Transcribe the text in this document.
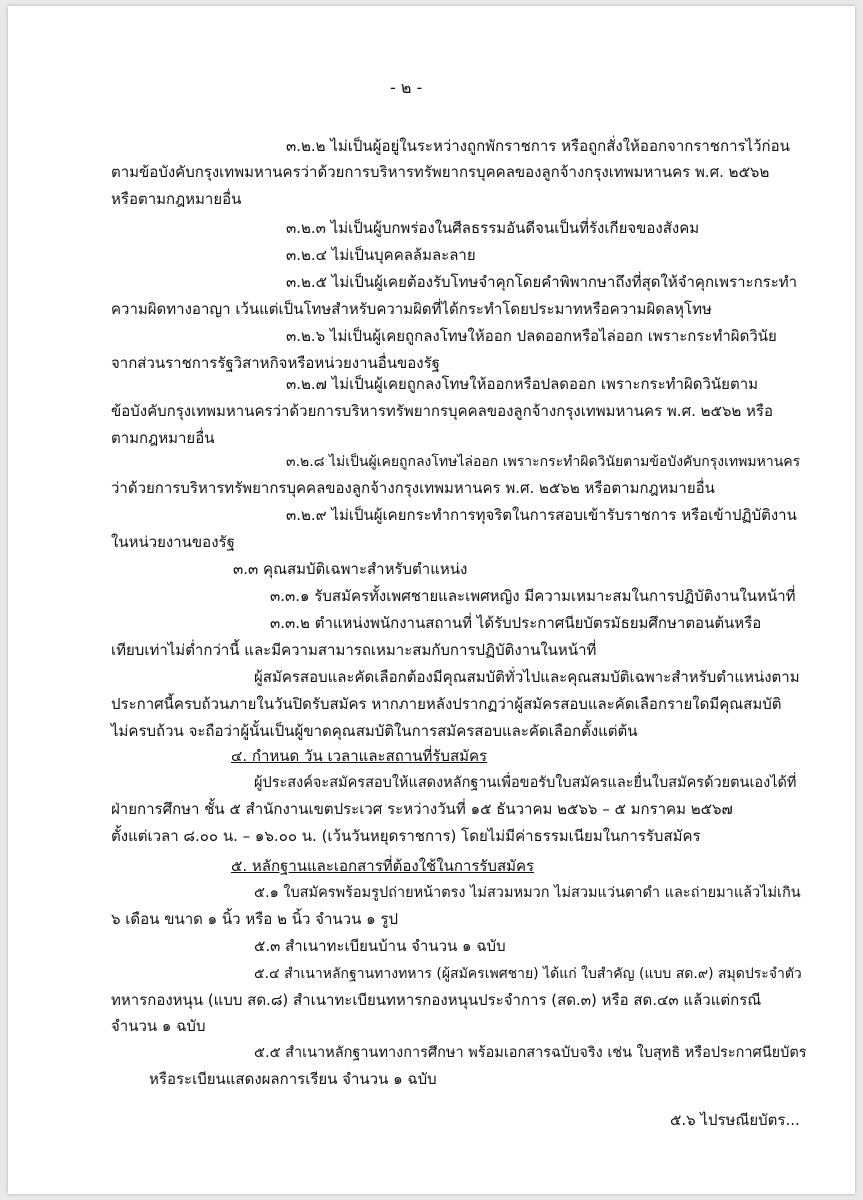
- ๒ -
๓.๒.๒ ไม่เป็นผู้อยู่ในระหว่างถูกพักราชการ หรือถูกสั่งให้ออกจากราชการไว้ก่อน
ตามข้อบังคับกรุงเทพมหานครว่าด้วยการบริหารทรัพยากรบุคคลของลูกจ้างกรุงเทพมหานคร พ.ศ. ๒๕๖๒
หรือตามกฎหมายอื่น
๓.๒.๓ ไม่เป็นผู้บกพร่องในศีลธรรมอันดีจนเป็นที่รังเกียจของสังคม
๓.๒.๔ ไม่เป็นบุคคลล้มละลาย
๓.๒.๕ ไม่เป็นผู้เคยต้องรับโทษจำคุกโดยคำพิพากษาถึงที่สุดให้จำคุกเพราะกระทำ
ความผิดทางอาญา เว้นแต่เป็นโทษสำหรับความผิดที่ได้กระทำโดยประมาทหรือความผิดลหุโทษ
๓.๒.๖ ไม่เป็นผู้เคยถูกลงโทษให้ออก ปลดออกหรือไล่ออก เพราะกระทำผิดวินัย
จากส่วนราชการรัฐวิสาหกิจหรือหน่วยงานอื่นของรัฐ
๓.๒.๗ ไม่เป็นผู้เคยถูกลงโทษให้ออกหรือปลดออก เพราะกระทำผิดวินัยตาม
ข้อบังคับกรุงเทพมหานครว่าด้วยการบริหารทรัพยากรบุคคลของลูกจ้างกรุงเทพมหานคร พ.ศ. ๒๕๖๒ หรือ
ตามกฎหมายอื่น
๓.๒.๘ ไม่เป็นผู้เคยถูกลงโทษไล่ออก เพราะกระทำผิดวินัยตามข้อบังคับกรุงเทพมหานคร
ว่าด้วยการบริหารทรัพยากรบุคคลของลูกจ้างกรุงเทพมหานคร พ.ศ. ๒๕๖๒ หรือตามกฎหมายอื่น
๓.๒.๙ ไม่เป็นผู้เคยกระทำการทุจริตในการสอบเข้ารับราชการ หรือเข้าปฏิบัติงาน
ในหน่วยงานของรัฐ
๓.๓ คุณสมบัติเฉพาะสำหรับตำแหน่ง
๓.๓.๑ รับสมัครทั้งเพศชายและเพศหญิง มีความเหมาะสมในการปฏิบัติงานในหน้าที่
๓.๓.๒ ตำแหน่งพนักงานสถานที่ ได้รับประกาศนียบัตรมัธยมศึกษาตอนต้นหรือ
เทียบเท่าไม่ต่ำกว่านี้ และมีความสามารถเหมาะสมกับการปฏิบัติงานในหน้าที่
ผู้สมัครสอบและคัดเลือกต้องมีคุณสมบัติทั่วไปและคุณสมบัติเฉพาะสำหรับตำแหน่งตาม
ประกาศนี้ครบถ้วนภายในวันปิดรับสมัคร หากภายหลังปรากฏว่าผู้สมัครสอบและคัดเลือกรายใดมีคุณสมบัติ
ไม่ครบถ้วน จะถือว่าผู้นั้นเป็นผู้ขาดคุณสมบัติในการสมัครสอบและคัดเลือกตั้งแต่ต้น
๔. กำหนด วัน เวลาและสถานที่รับสมัคร
ผู้ประสงค์จะสมัครสอบให้แสดงหลักฐานเพื่อขอรับใบสมัครและยื่นใบสมัครด้วยตนเองได้ที่
ฝ่ายการศึกษา ชั้น ๕ สำนักงานเขตประเวศ ระหว่างวันที่ ๑๕ ธันวาคม ๒๕๖๖ – ๕ มกราคม ๒๕๖๗
ตั้งแต่เวลา ๘.๐๐ น. – ๑๖.๐๐ น. (เว้นวันหยุดราชการ) โดยไม่มีค่าธรรมเนียมในการรับสมัคร
๕. หลักฐานและเอกสารที่ต้องใช้ในการรับสมัคร
๕.๑ ใบสมัครพร้อมรูปถ่ายหน้าตรง ไม่สวมหมวก ไม่สวมแว่นตาดำ และถ่ายมาแล้วไม่เกิน
๖ เดือน ขนาด ๑ นิ้ว หรือ ๒ นิ้ว จำนวน ๑ รูป
๕.๓ สำเนาทะเบียนบ้าน จำนวน ๑ ฉบับ
๕.๔ สำเนาหลักฐานทางทหาร (ผู้สมัครเพศชาย) ได้แก่ ใบสำคัญ (แบบ สด.๙) สมุดประจำตัว
ทหารกองหนุน (แบบ สด.๘) สำเนาทะเบียนทหารกองหนุนประจำการ (สด.๓) หรือ สด.๔๓ แล้วแต่กรณี
จำนวน ๑ ฉบับ
๕.๕ สำเนาหลักฐานทางการศึกษา พร้อมเอกสารฉบับจริง เช่น ใบสุทธิ หรือประกาศนียบัตร
หรือระเบียนแสดงผลการเรียน จำนวน ๑ ฉบับ
๕.๖ ไปรษณียบัตร...
